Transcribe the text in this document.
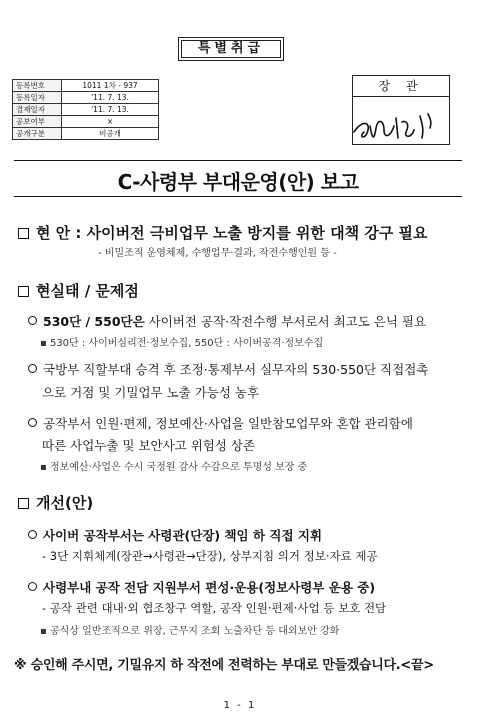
특별취급
등록번호	1011 1차 - 937
등록일자	'11. 7. 13.
결재일자	'11. 7. 13.
공보여부	×
공개구분	비공개
장 관
C-사령부 부대운영(안) 보고
현 안 : 사이버전 극비업무 노출 방지를 위한 대책 강구 필요
- 비밀조직 운영체제, 수행업무·결과, 작전수행인원 등 -
현실태 / 문제점
530단 / 550단은 사이버전 공작·작전수행 부서로서 최고도 은닉 필요
▪ 530단 : 사이버심리전·정보수집, 550단 : 사이버공격·정보수집
국방부 직할부대 승격 후 조정·통제부서 실무자의 530·550단 직접접촉
으로 거점 및 기밀업무 노출 가능성 농후
공작부서 인원·편제, 정보예산·사업을 일반참모업무와 혼합 관리함에
따른 사업누출 및 보안사고 위험성 상존
▪ 정보예산·사업은 수시 국정원 감사 수감으로 투명성 보장 중
개선(안)
사이버 공작부서는 사령관(단장) 책임 하 직접 지휘
- 3단 지휘체계(장관→사령관→단장), 상부지침 의거 정보·자료 제공
사령부내 공작 전담 지원부서 편성·운용(정보사령부 운용 중)
- 공작 관련 대내·외 협조창구 역할, 공작 인원·편제·사업 등 보호 전담
▪ 공식상 일반조직으로 위장, 근무지 조회 노출차단 등 대외보안 강화
※ 승인해 주시면, 기밀유지 하 작전에 전력하는 부대로 만들겠습니다.<끝>
1 - 1
